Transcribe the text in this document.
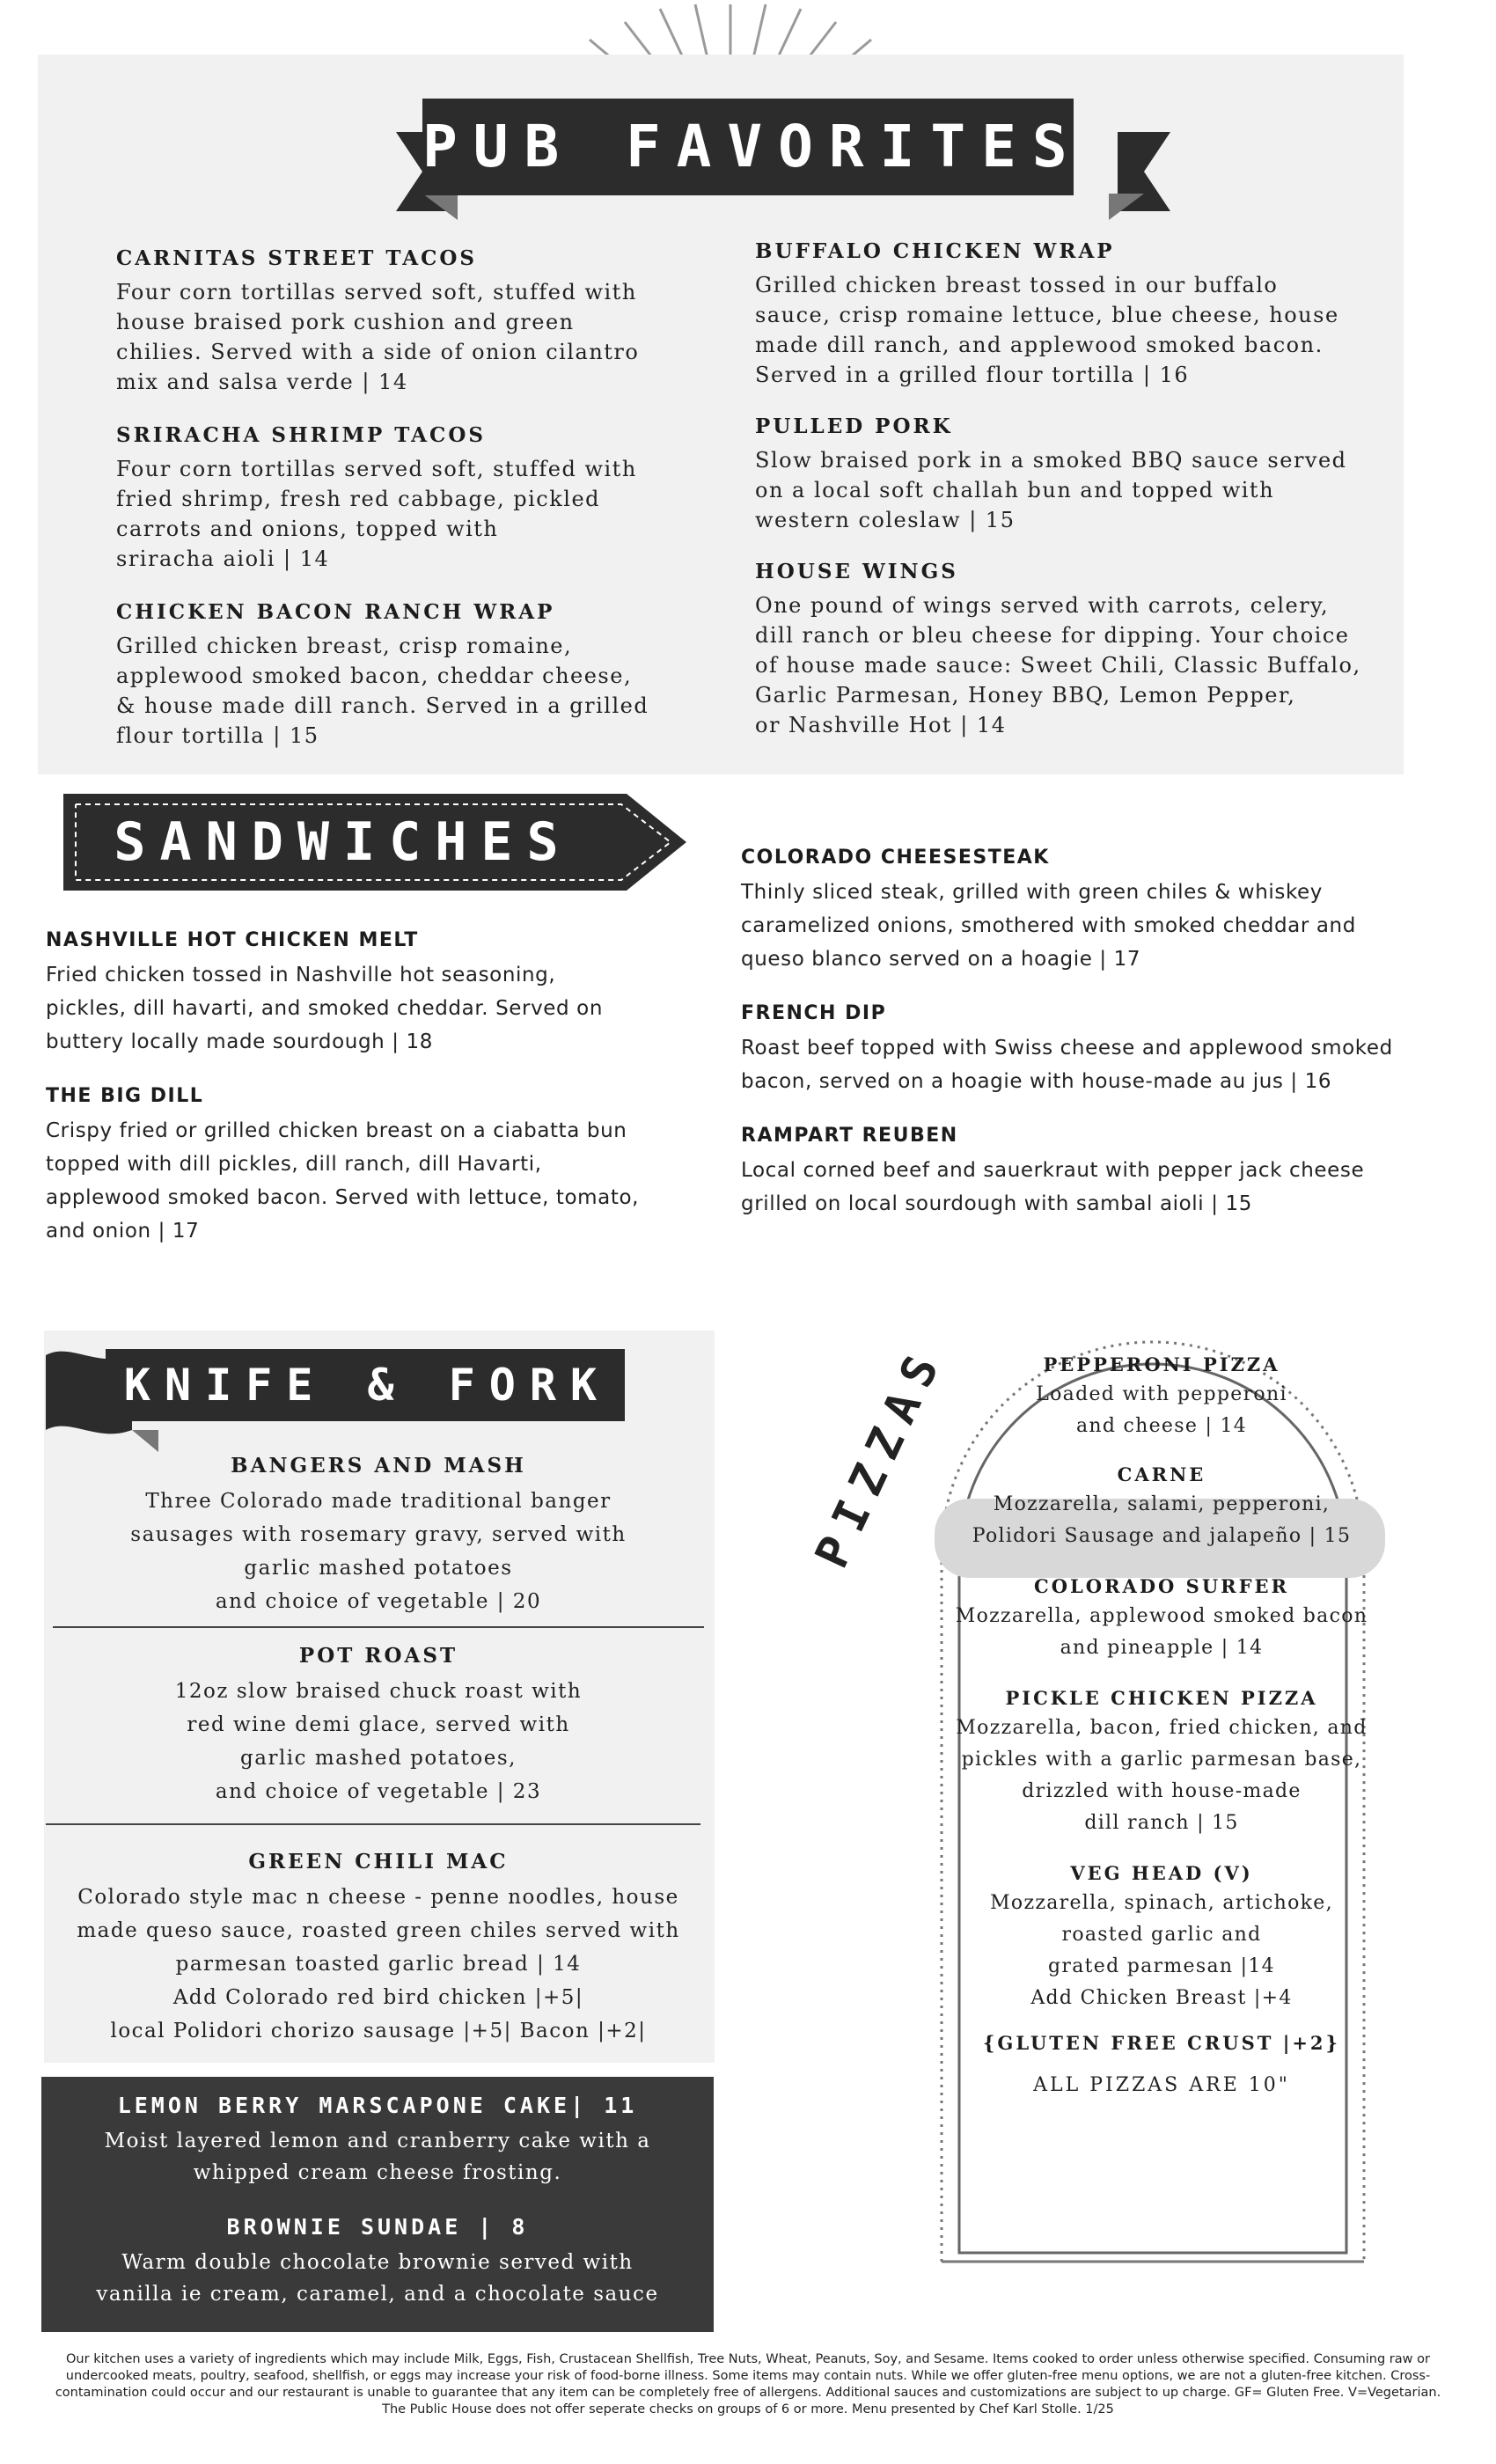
PUB FAVORITES

CARNITAS STREET TACOS

Four corn tortillas served soft, stuffed with
house braised pork cushion and green
chilies. Served with a side of onion cilantro
mix and salsa verde | 14

SRIRACHA SHRIMP TACOS

Four corn tortillas served soft, stuffed with
fried shrimp, fresh red cabbage, pickled
carrots and onions, topped with
sriracha aioli | 14

CHICKEN BACON RANCH WRAP

Grilled chicken breast, crisp romaine,
applewood smoked bacon, cheddar cheese,
& house made dill ranch. Served in a grilled
flour tortilla | 15

BUFFALO CHICKEN WRAP

Grilled chicken breast tossed in our buffalo
sauce, crisp romaine lettuce, blue cheese, house
made dill ranch, and applewood smoked bacon.
Served in a grilled flour tortilla | 16

PULLED PORK

Slow braised pork in a smoked BBQ sauce served
on a local soft challah bun and topped with
western coleslaw | 15

HOUSE WINGS

One pound of wings served with carrots, celery,
dill ranch or bleu cheese for dipping. Your choice
of house made sauce: Sweet Chili, Classic Buffalo,
Garlic Parmesan, Honey BBQ, Lemon Pepper,
or Nashville Hot | 14

SANDWICHES

NASHVILLE HOT CHICKEN MELT

Fried chicken tossed in Nashville hot seasoning,
pickles, dill havarti, and smoked cheddar. Served on
buttery locally made sourdough | 18

THE BIG DILL

Crispy fried or grilled chicken breast on a ciabatta bun
topped with dill pickles, dill ranch, dill Havarti,
applewood smoked bacon. Served with lettuce, tomato,
and onion | 17

COLORADO CHEESESTEAK

Thinly sliced steak, grilled with green chiles & whiskey
caramelized onions, smothered with smoked cheddar and
queso blanco served on a hoagie | 17

FRENCH DIP

Roast beef topped with Swiss cheese and applewood smoked
bacon, served on a hoagie with house-made au jus | 16

RAMPART REUBEN

Local corned beef and sauerkraut with pepper jack cheese
grilled on local sourdough with sambal aioli | 15

KNIFE & FORK

BANGERS AND MASH

Three Colorado made traditional banger
sausages with rosemary gravy, served with
garlic mashed potatoes
and choice of vegetable | 20

POT ROAST

12oz slow braised chuck roast with
red wine demi glace, served with
garlic mashed potatoes,
and choice of vegetable | 23

GREEN CHILI MAC

Colorado style mac n cheese - penne noodles, house
made queso sauce, roasted green chiles served with
parmesan toasted garlic bread | 14
Add Colorado red bird chicken |+5|
local Polidori chorizo sausage |+5| Bacon |+2|

LEMON BERRY MARSCAPONE CAKE| 11

Moist layered lemon and cranberry cake with a
whipped cream cheese frosting.

BROWNIE SUNDAE | 8

Warm double chocolate brownie served with
vanilla ie cream, caramel, and a chocolate sauce

PIZZAS	PEPPERONI PIZZA

Loaded with pepperoni
and cheese | 14

CARNE

Mozzarella, salami, pepperoni,
Polidori Sausage and jalapeño | 15

COLORADO SURFER

Mozzarella, applewood smoked bacon
and pineapple | 14

PICKLE CHICKEN PIZZA

Mozzarella, bacon, fried chicken, and
pickles with a garlic parmesan base,
drizzled with house-made
dill ranch | 15

VEG HEAD (V)

Mozzarella, spinach, artichoke,
roasted garlic and
grated parmesan |14
Add Chicken Breast |+4

{GLUTEN FREE CRUST |+2}

ALL PIZZAS ARE 10"

Our kitchen uses a variety of ingredients which may include Milk, Eggs, Fish, Crustacean Shellfish, Tree Nuts, Wheat, Peanuts, Soy, and Sesame. Items cooked to order unless otherwise specified. Consuming raw or undercooked meats, poultry, seafood, shellfish, or eggs may increase your risk of food-borne illness. Some items may contain nuts. While we offer gluten-free menu options, we are not a gluten-free kitchen. Cross-contamination could occur and our restaurant is unable to guarantee that any item can be completely free of allergens. Additional sauces and customizations are subject to up charge. GF= Gluten Free. V=Vegetarian. The Public House does not offer seperate checks on groups of 6 or more. Menu presented by Chef Karl Stolle. 1/25
